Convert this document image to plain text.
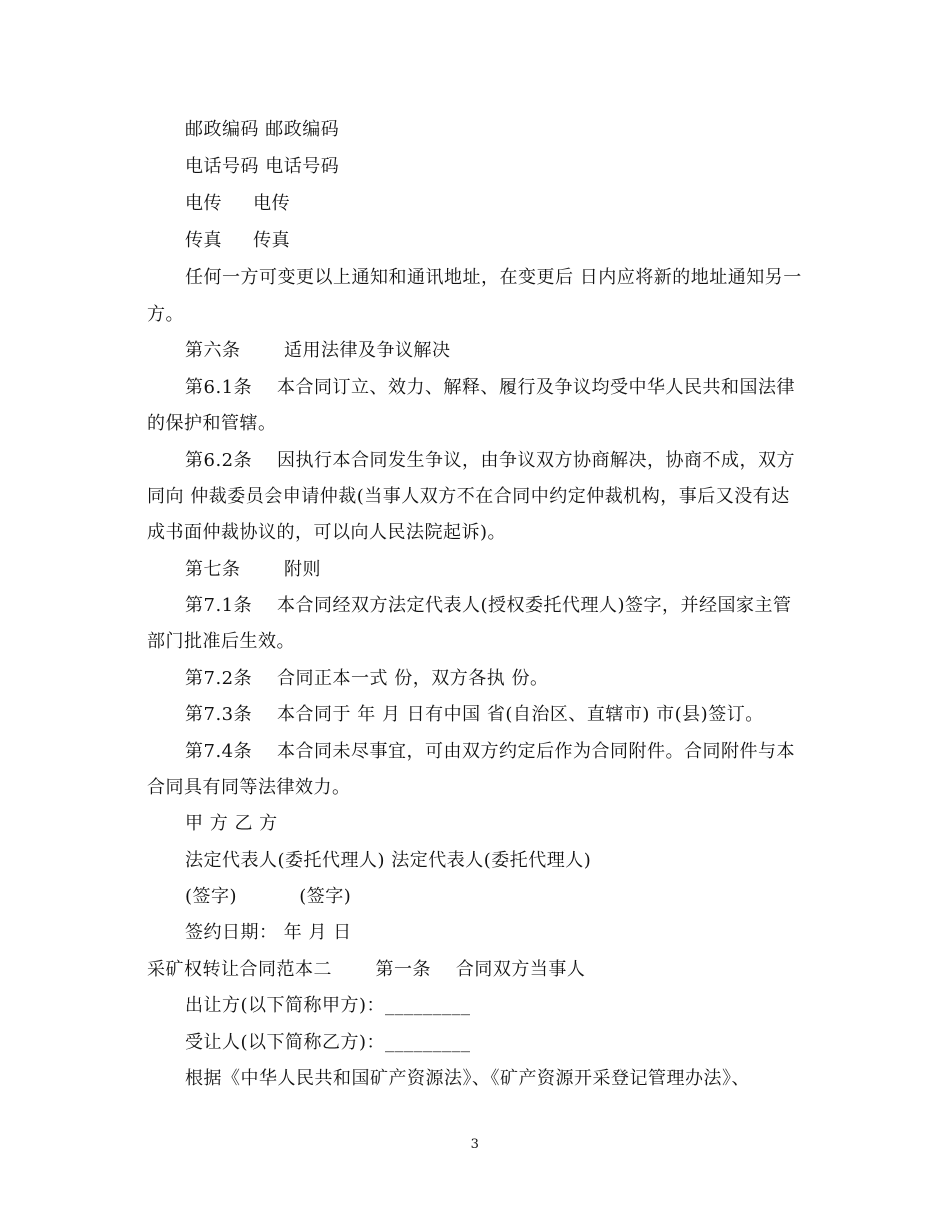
邮政编码 邮政编码
电话号码 电话号码
电传     电传
传真     传真
任何一方可变更以上通知和通讯地址，在变更后 日内应将新的地址通知另一
方。
第六条       适用法律及争议解决
第6.1条    本合同订立、效力、解释、履行及争议均受中华人民共和国法律
的保护和管辖。
第6.2条    因执行本合同发生争议，由争议双方协商解决，协商不成，双方
同向 仲裁委员会申请仲裁(当事人双方不在合同中约定仲裁机构，事后又没有达
成书面仲裁协议的，可以向人民法院起诉)。
第七条       附则
第7.1条    本合同经双方法定代表人(授权委托代理人)签字，并经国家主管
部门批准后生效。
第7.2条    合同正本一式 份，双方各执 份。
第7.3条    本合同于 年 月 日有中国 省(自治区、直辖市) 市(县)签订。
第7.4条    本合同未尽事宜，可由双方约定后作为合同附件。合同附件与本
合同具有同等法律效力。
甲 方 乙 方
法定代表人(委托代理人) 法定代表人(委托代理人)
(签字)          (签字)
签约日期： 年 月 日
采矿权转让合同范本二       第一条    合同双方当事人
出让方(以下简称甲方)：_________
受让人(以下简称乙方)：_________
根据《中华人民共和国矿产资源法》、《矿产资源开采登记管理办法》、
3
